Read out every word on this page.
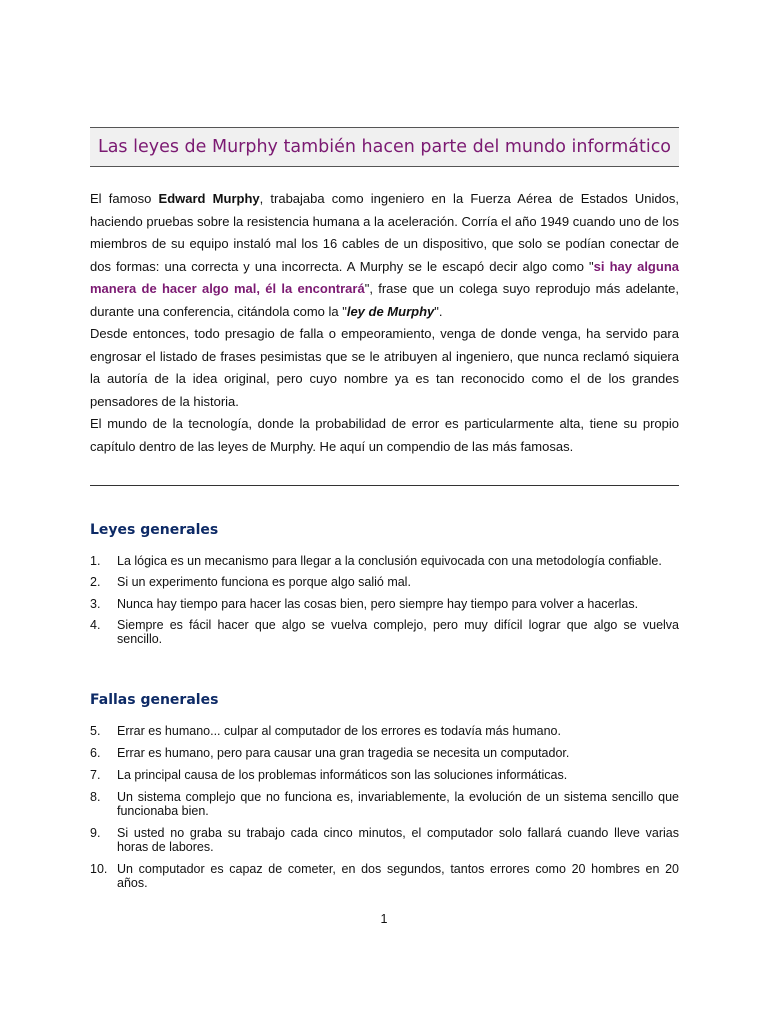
Las leyes de Murphy también hacen parte del mundo informático

El famoso Edward Murphy, trabajaba como ingeniero en la Fuerza Aérea de Estados Unidos, haciendo pruebas sobre la resistencia humana a la aceleración. Corría el año 1949 cuando uno de los miembros de su equipo instaló mal los 16 cables de un dispositivo, que solo se podían conectar de dos formas: una correcta y una incorrecta. A Murphy se le escapó decir algo como "si hay alguna manera de hacer algo mal, él la encontrará", frase que un colega suyo reprodujo más adelante, durante una conferencia, citándola como la "ley de Murphy".

Desde entonces, todo presagio de falla o empeoramiento, venga de donde venga, ha servido para engrosar el listado de frases pesimistas que se le atribuyen al ingeniero, que nunca reclamó siquiera la autoría de la idea original, pero cuyo nombre ya es tan reconocido como el de los grandes pensadores de la historia.

El mundo de la tecnología, donde la probabilidad de error es particularmente alta, tiene su propio capítulo dentro de las leyes de Murphy. He aquí un compendio de las más famosas.

Leyes generales
1. La lógica es un mecanismo para llegar a la conclusión equivocada con una metodología confiable.
2. Si un experimento funciona es porque algo salió mal.
3. Nunca hay tiempo para hacer las cosas bien, pero siempre hay tiempo para volver a hacerlas.
4. Siempre es fácil hacer que algo se vuelva complejo, pero muy difícil lograr que algo se vuelva sencillo.
Fallas generales
5. Errar es humano... culpar al computador de los errores es todavía más humano.
6. Errar es humano, pero para causar una gran tragedia se necesita un computador.
7. La principal causa de los problemas informáticos son las soluciones informáticas.
8. Un sistema complejo que no funciona es, invariablemente, la evolución de un sistema sencillo que funcionaba bien.
9. Si usted no graba su trabajo cada cinco minutos, el computador solo fallará cuando lleve varias horas de labores.
10. Un computador es capaz de cometer, en dos segundos, tantos errores como 20 hombres en 20 años.
1
